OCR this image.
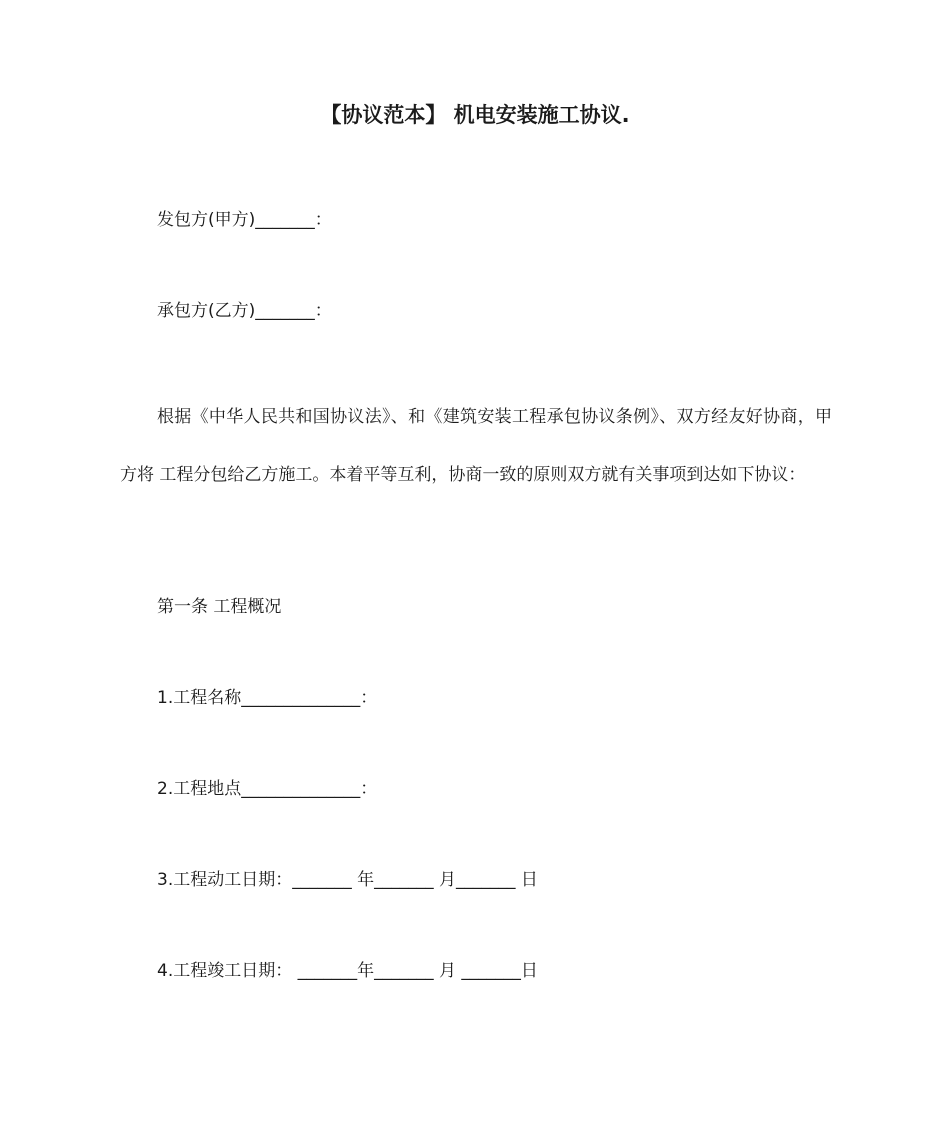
【协议范本】 机电安装施工协议.
发包方(甲方)_______：
承包方(乙方)_______：
根据《中华人民共和国协议法》、和《建筑安装工程承包协议条例》、双方经友好协商，甲方将 工程分包给乙方施工。本着平等互利，协商一致的原则双方就有关事项到达如下协议：
第一条 工程概况
1.工程名称______________：
2.工程地点______________：
3.工程动工日期：_______ 年_______ 月_______ 日
4.工程竣工日期： _______年_______ 月 _______日
